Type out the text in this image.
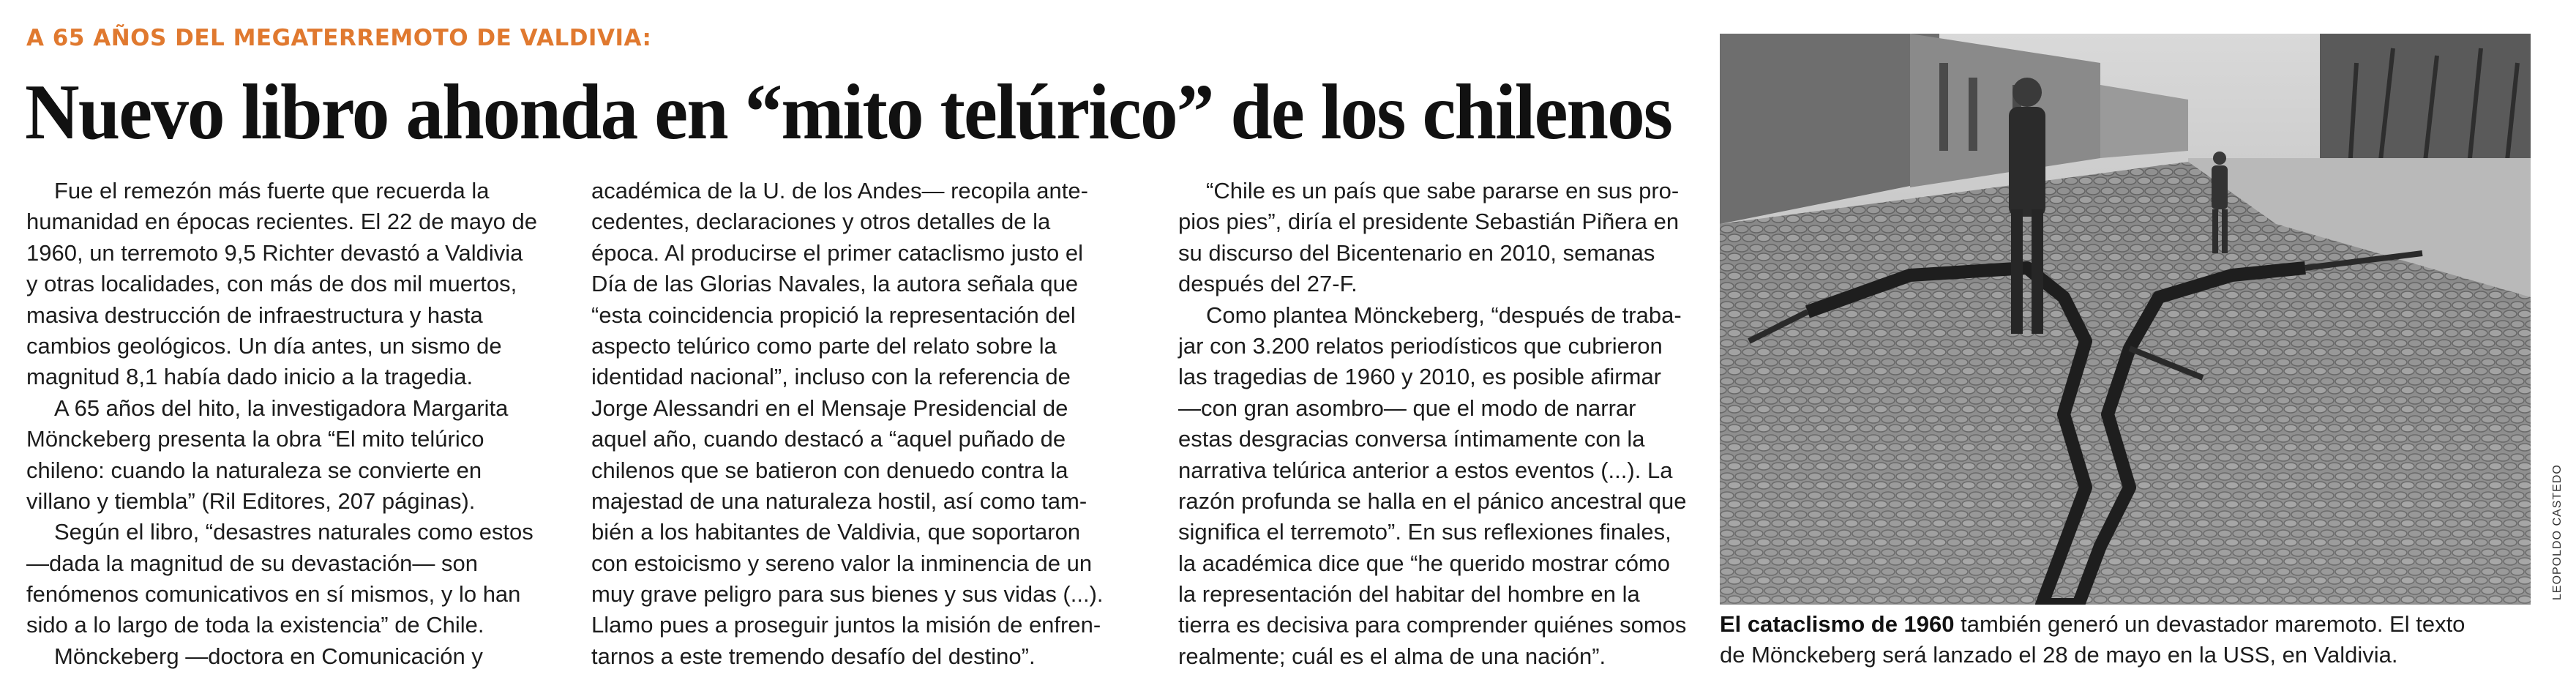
A 65 AÑOS DEL MEGATERREMOTO DE VALDIVIA:
Nuevo libro ahonda en “mito telúrico” de los chilenos
Fue el remezón más fuerte que recuerda la
humanidad en épocas recientes. El 22 de mayo de
1960, un terremoto 9,5 Richter devastó a Valdivia
y otras localidades, con más de dos mil muertos,
masiva destrucción de infraestructura y hasta
cambios geológicos. Un día antes, un sismo de
magnitud 8,1 había dado inicio a la tragedia.
A 65 años del hito, la investigadora Margarita
Mönckeberg presenta la obra “El mito telúrico
chileno: cuando la naturaleza se convierte en
villano y tiembla” (Ril Editores, 207 páginas).
Según el libro, “desastres naturales como estos
—dada la magnitud de su devastación— son
fenómenos comunicativos en sí mismos, y lo han
sido a lo largo de toda la existencia” de Chile.
Mönckeberg —doctora en Comunicación y
académica de la U. de los Andes— recopila ante-
cedentes, declaraciones y otros detalles de la
época. Al producirse el primer cataclismo justo el
Día de las Glorias Navales, la autora señala que
“esta coincidencia propició la representación del
aspecto telúrico como parte del relato sobre la
identidad nacional”, incluso con la referencia de
Jorge Alessandri en el Mensaje Presidencial de
aquel año, cuando destacó a “aquel puñado de
chilenos que se batieron con denuedo contra la
majestad de una naturaleza hostil, así como tam-
bién a los habitantes de Valdivia, que soportaron
con estoicismo y sereno valor la inminencia de un
muy grave peligro para sus bienes y sus vidas (...).
Llamo pues a proseguir juntos la misión de enfren-
tarnos a este tremendo desafío del destino”.
“Chile es un país que sabe pararse en sus pro-
pios pies”, diría el presidente Sebastián Piñera en
su discurso del Bicentenario en 2010, semanas
después del 27-F.
Como plantea Mönckeberg, “después de traba-
jar con 3.200 relatos periodísticos que cubrieron
las tragedias de 1960 y 2010, es posible afirmar
—con gran asombro— que el modo de narrar
estas desgracias conversa íntimamente con la
narrativa telúrica anterior a estos eventos (...). La
razón profunda se halla en el pánico ancestral que
significa el terremoto”. En sus reflexiones finales,
la académica dice que “he querido mostrar cómo
la representación del habitar del hombre en la
tierra es decisiva para comprender quiénes somos
realmente; cuál es el alma de una nación”.
LEOPOLDO CASTEDO
El cataclismo de 1960 también generó un devastador maremoto. El texto
de Mönckeberg será lanzado el 28 de mayo en la USS, en Valdivia.
